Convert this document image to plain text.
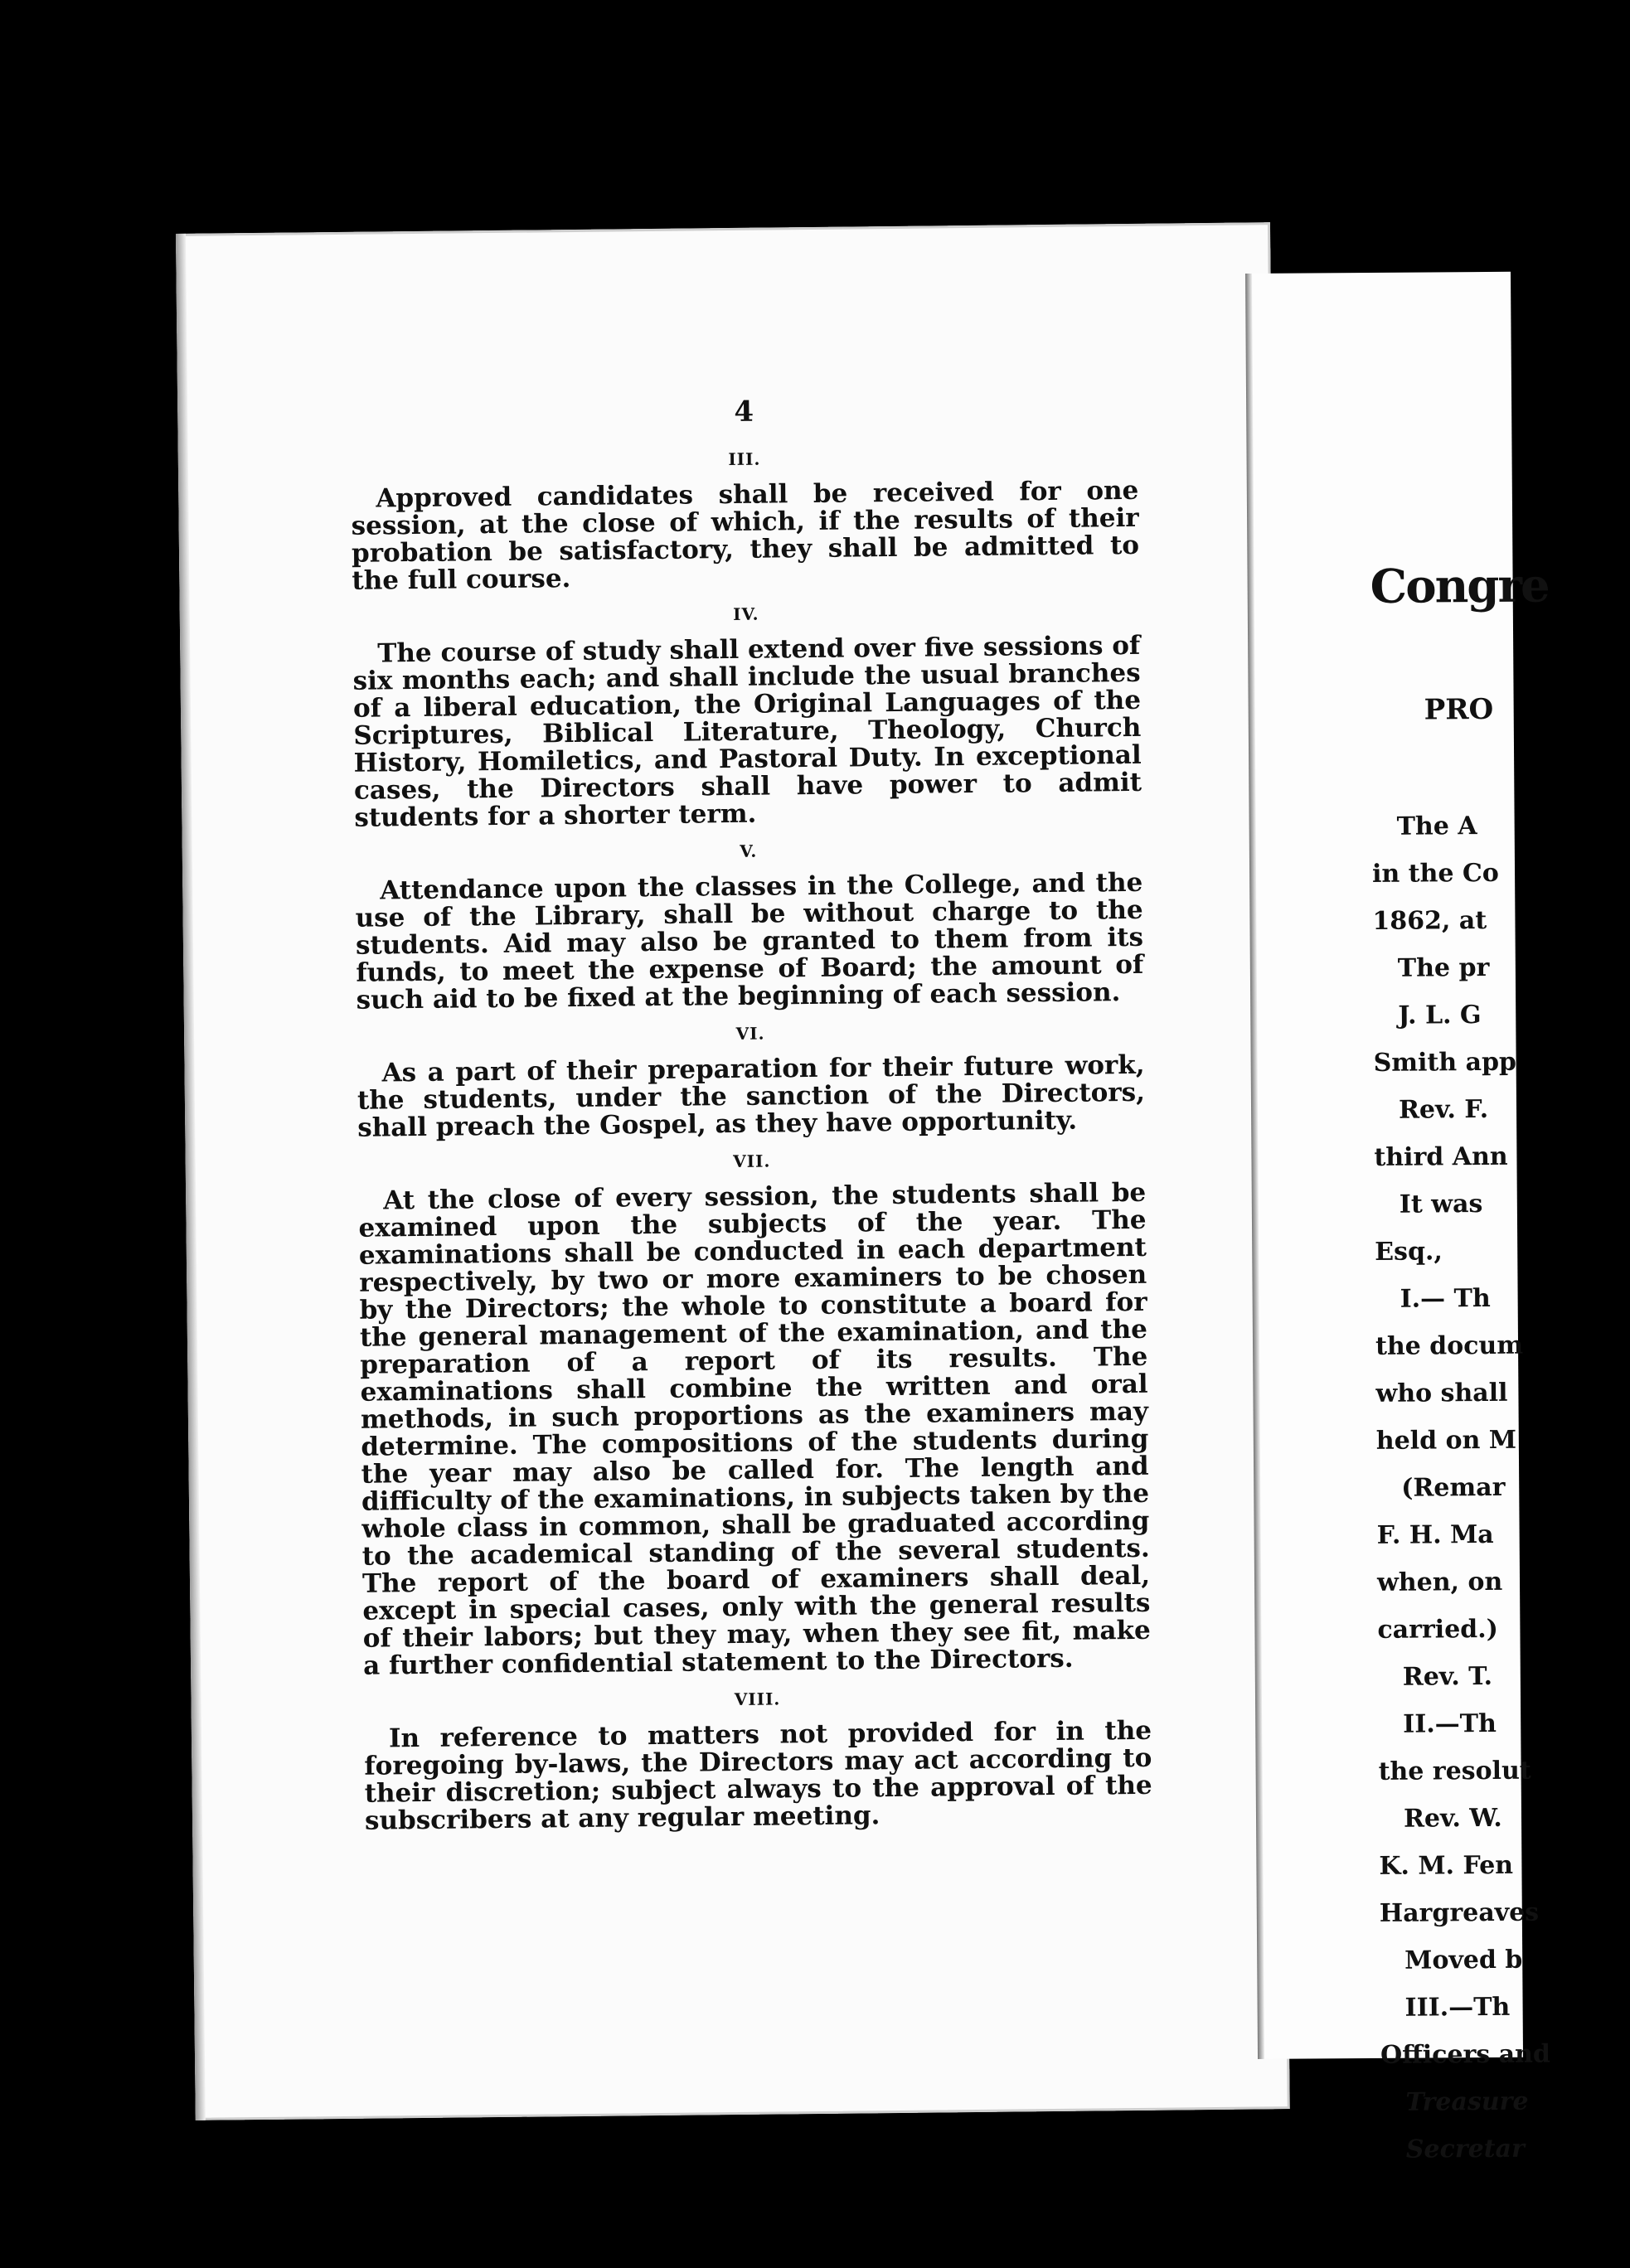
4
III.

Approved candidates shall be received for one session, at the close of which, if the results of their probation be satisfactory, they shall be admitted to the full course.

IV.

The course of study shall extend over five sessions of six months each; and shall include the usual branches of a liberal education, the Original Languages of the Scriptures, Biblical Literature, Theology, Church History, Homiletics, and Pastoral Duty. In exceptional cases, the Directors shall have power to admit students for a shorter term.

V.

Attendance upon the classes in the College, and the use of the Library, shall be without charge to the students. Aid may also be granted to them from its funds, to meet the expense of Board; the amount of such aid to be fixed at the beginning of each session.

VI.

As a part of their preparation for their future work, the students, under the sanction of the Directors, shall preach the Gospel, as they have opportunity.

VII.

At the close of every session, the students shall be examined upon the subjects of the year. The examinations shall be conducted in each department respectively, by two or more examiners to be chosen by the Directors; the whole to constitute a board for the general management of the examination, and the preparation of a report of its results. The examinations shall combine the written and oral methods, in such proportions as the examiners may determine. The compositions of the students during the year may also be called for. The length and difficulty of the examinations, in subjects taken by the whole class in common, shall be graduated according to the academical standing of the several students. The report of the board of examiners shall deal, except in special cases, only with the general results of their labors; but they may, when they see fit, make a further confidential statement to the Directors.

VIII.

In reference to matters not provided for in the foregoing by-laws, the Directors may act according to their discretion; subject always to the approval of the subscribers at any regular meeting.

Congre
PRO
The A
in the Co
1862, at
The pr
J. L. G
Smith app
Rev. F.
third Ann
It was
Esq.,
I.— Th
the docum
who shall
held on M
(Remar
F. H. Ma
when, on
carried.)
Rev. T.
II.—Th
the resolut
Rev. W.
K. M. Fen
Hargreaves
Moved b
III.—Th
Officers and
Treasure
Secretar
